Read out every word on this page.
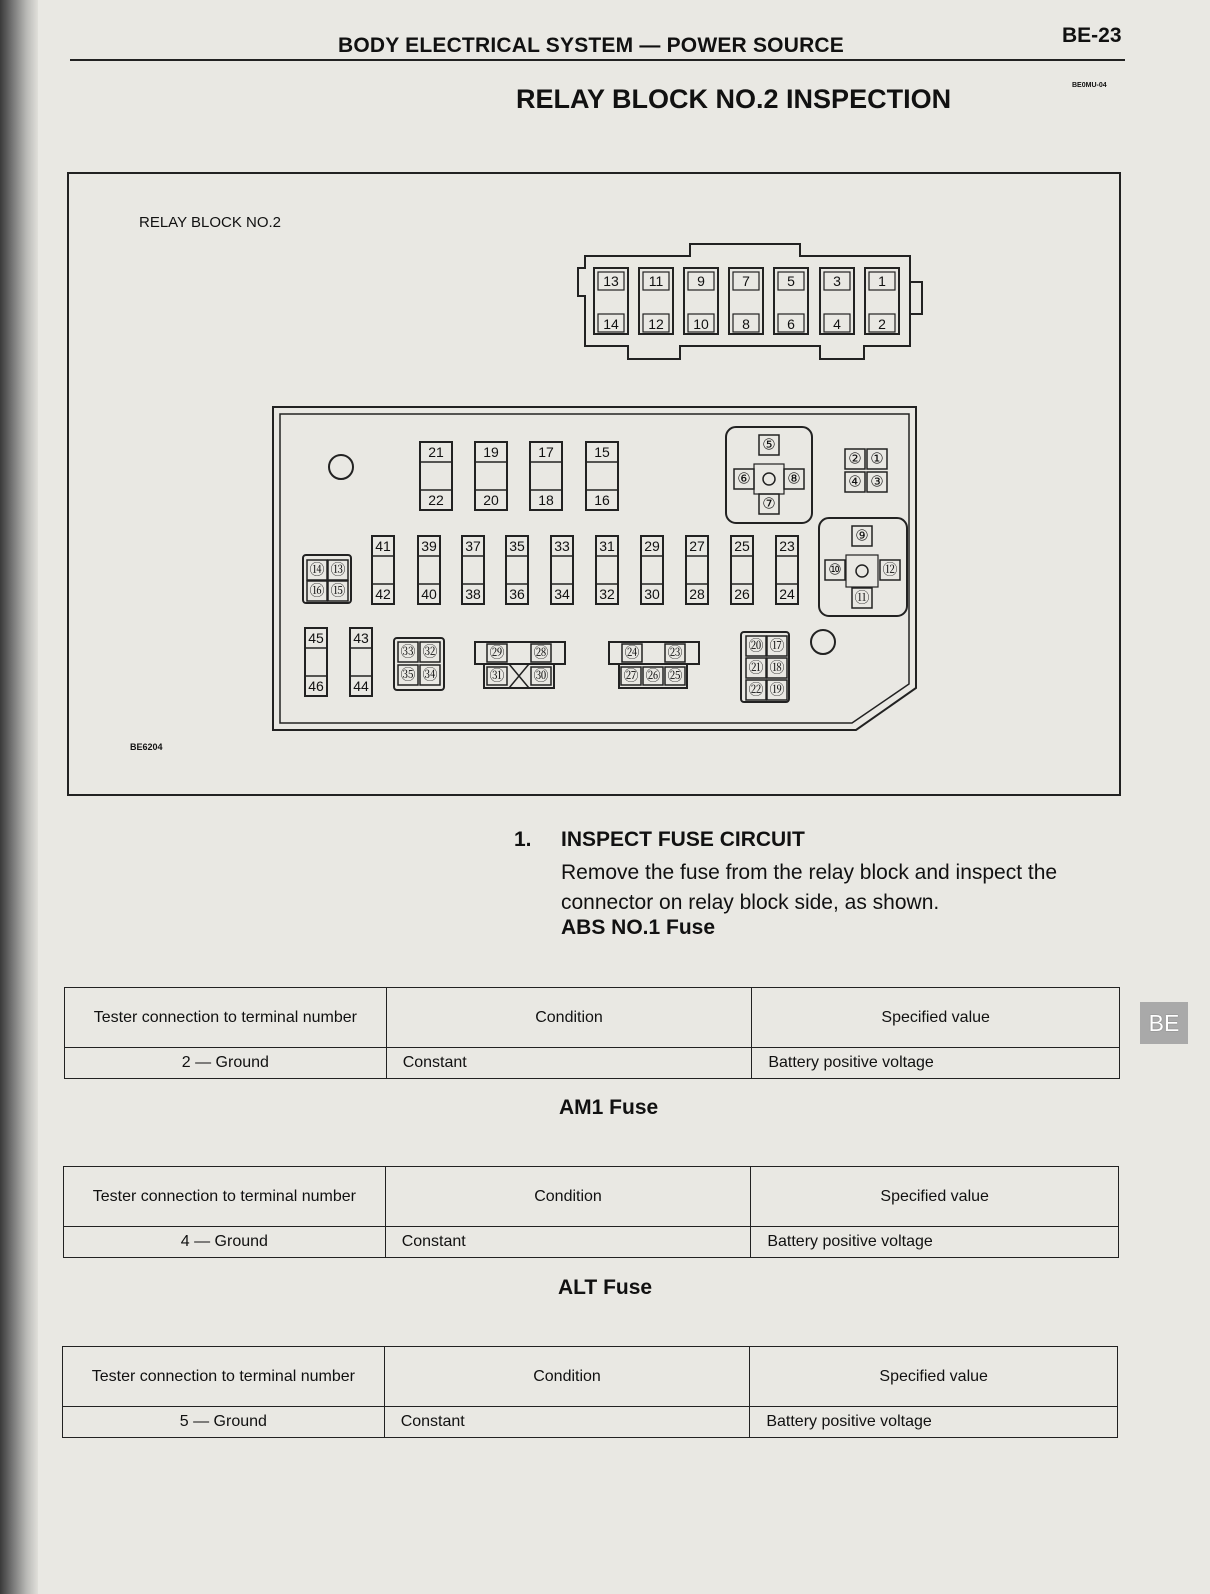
BODY ELECTRICAL SYSTEM — POWER SOURCE	BE-23
BE0MU-04
RELAY BLOCK NO.2 INSPECTION
RELAY BLOCK NO.2
BE6204
13
14
11
12
9
10
7
8
5
6
3
4
1
2
21
22
19
20
17
18
15
16
41
42
39
40
37
38
35
36
33
34
31
32
29
30
27
28
25
26
23
24
45
46
43
44
⑤
⑥
⑦
⑧
② ①
④ ③
⑨
⑩
⑪
⑫
⑭ ⑬
⑯ ⑮
㉝ ㉜
㉟ ㉞
㉙ ㉘
㉛ ㉚
㉔ ㉓
㉗ ㉖ ㉕
⑳ ⑰
㉑ ⑱
㉒ ⑲
1. INSPECT FUSE CIRCUIT
Remove the fuse from the relay block and inspect the connector on relay block side, as shown.
ABS NO.1 Fuse
Tester connection to terminal number	Condition	Specified value
2 — Ground	Constant	Battery positive voltage
AM1 Fuse
Tester connection to terminal number	Condition	Specified value
4 — Ground	Constant	Battery positive voltage
ALT Fuse
Tester connection to terminal number	Condition	Specified value
5 — Ground	Constant	Battery positive voltage
BE
